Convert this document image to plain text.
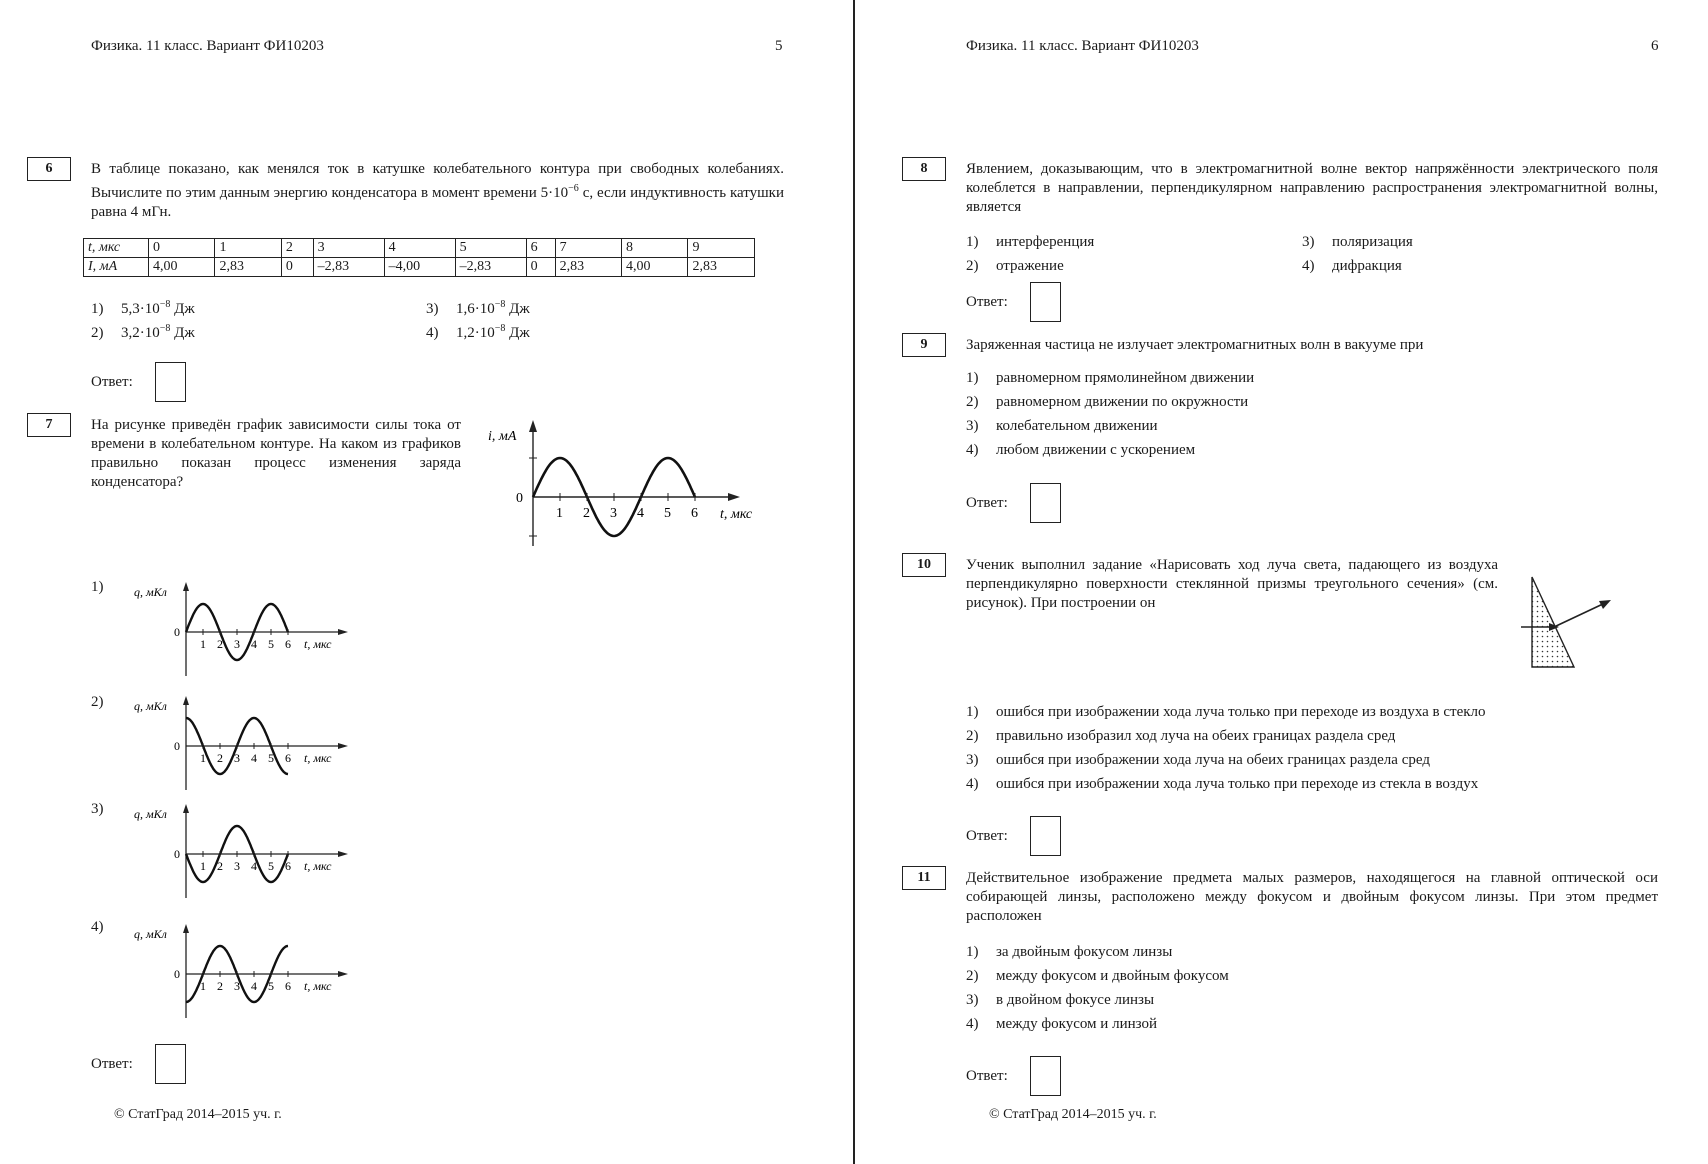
Физика. 11 класс. Вариант ФИ10203	5
6	В таблице показано, как менялся ток в катушке колебательного контура при свободных колебаниях. Вычислите по этим данным энергию конденсатора в момент времени $5\cdot 10^{-6}$ с, если индуктивность катушки равна 4 мГн.
t, мкс	0	1	2	3	4	5	6	7	8	9
I, мА	4,00	2,83	0	–2,83	–4,00	–2,83	0	2,83	4,00	2,83
1) $5,3\cdot 10^{-8}$ Дж
2) $3,2\cdot 10^{-8}$ Дж
3) $1,6\cdot 10^{-8}$ Дж
4) $1,2\cdot 10^{-8}$ Дж
Ответ:
7	На рисунке приведён график зависимости силы тока от времени в колебательном контуре. На каком из графиков правильно показан процесс изменения заряда конденсатора?
1 2 3 4 5 6
i, мА
0
t, мкс
1)
1 2 3 4 5 6
q, мКл
0
t, мкс
2)
1 2 3 4 5 6
q, мКл
0
t, мкс
3)
1 2 3 4 5 6
q, мКл
0
t, мкс
4)
1 2 3 4 5 6
q, мКл
0
t, мкс
Ответ:
© СтатГрад 2014–2015 уч. г.
Физика. 11 класс. Вариант ФИ10203	6
8	Явлением, доказывающим, что в электромагнитной волне вектор напряжённости электрического поля колеблется в направлении, перпендикулярном направлению распространения электромагнитной волны, является
1) интерференция
2) отражение
3) поляризация
4) дифракция
Ответ:
9	Заряженная частица не излучает электромагнитных волн в вакууме при
1) равномерном прямолинейном движении
2) равномерном движении по окружности
3) колебательном движении
4) любом движении с ускорением
Ответ:
10	Ученик выполнил задание «Нарисовать ход луча света, падающего из воздуха перпендикулярно поверхности стеклянной призмы треугольного сечения» (см. рисунок). При построении он
1) ошибся при изображении хода луча только при переходе из воздуха в стекло
2) правильно изобразил ход луча на обеих границах раздела сред
3) ошибся при изображении хода луча на обеих границах раздела сред
4) ошибся при изображении хода луча только при переходе из стекла в воздух
Ответ:
11	Действительное изображение предмета малых размеров, находящегося на главной оптической оси собирающей линзы, расположено между фокусом и двойным фокусом линзы. При этом предмет расположен
1) за двойным фокусом линзы
2) между фокусом и двойным фокусом
3) в двойном фокусе линзы
4) между фокусом и линзой
Ответ:
© СтатГрад 2014–2015 уч. г.
